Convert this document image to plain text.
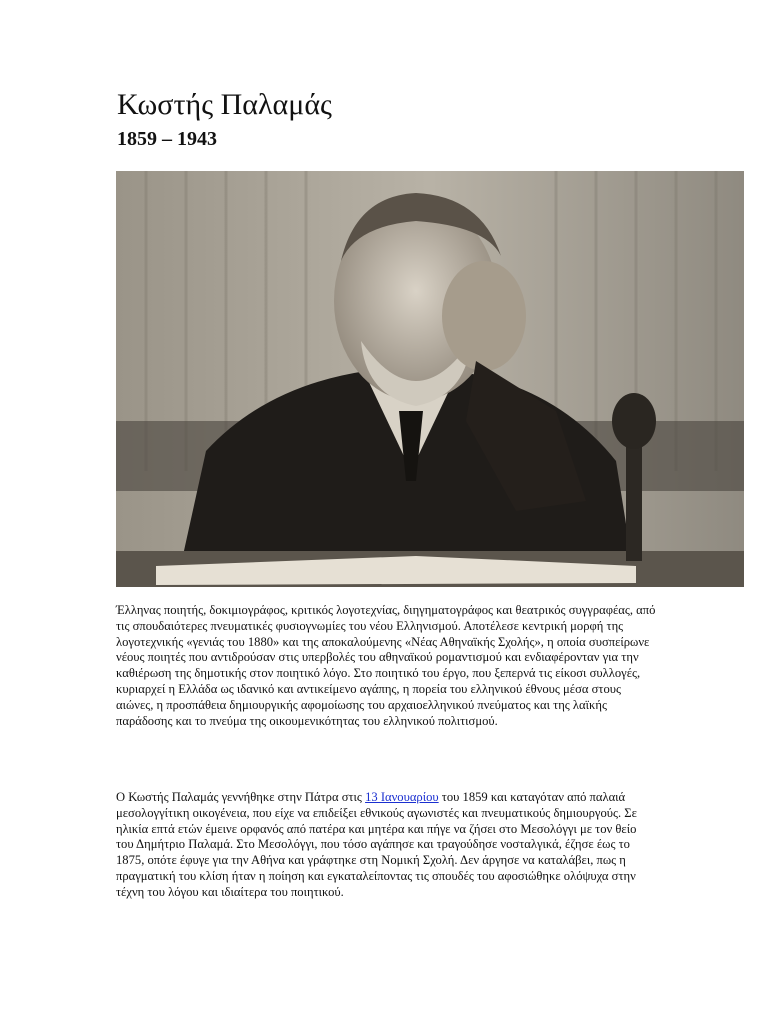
Κωστής Παλαμάς
1859 – 1943

Έλληνας ποιητής, δοκιμιογράφος, κριτικός λογοτεχνίας, διηγηματογράφος και θεατρικός συγγραφέας, από τις σπουδαιότερες πνευματικές φυσιογνωμίες του νέου Ελληνισμού. Αποτέλεσε κεντρική μορφή της λογοτεχνικής «γενιάς του 1880» και της αποκαλούμενης «Νέας Αθηναϊκής Σχολής», η οποία συσπείρωνε νέους ποιητές που αντιδρούσαν στις υπερβολές του αθηναϊκού ρομαντισμού και ενδιαφέρονταν για την καθιέρωση της δημοτικής στον ποιητικό λόγο. Στο ποιητικό του έργο, που ξεπερνά τις είκοσι συλλογές, κυριαρχεί η Ελλάδα ως ιδανικό και αντικείμενο αγάπης, η πορεία του ελληνικού έθνους μέσα στους αιώνες, η προσπάθεια δημιουργικής αφομοίωσης του αρχαιοελληνικού πνεύματος και της λαϊκής παράδοσης και το πνεύμα της οικουμενικότητας του ελληνικού πολιτισμού.

Ο Κωστής Παλαμάς γεννήθηκε στην Πάτρα στις 13 Ιανουαρίου του 1859 και καταγόταν από παλαιά μεσολογγίτικη οικογένεια, που είχε να επιδείξει εθνικούς αγωνιστές και πνευματικούς δημιουργούς. Σε ηλικία επτά ετών έμεινε ορφανός από πατέρα και μητέρα και πήγε να ζήσει στο Μεσολόγγι με τον θείο του Δημήτριο Παλαμά. Στο Μεσολόγγι, που τόσο αγάπησε και τραγούδησε νοσταλγικά, έζησε έως το 1875, οπότε έφυγε για την Αθήνα και γράφτηκε στη Νομική Σχολή. Δεν άργησε να καταλάβει, πως η πραγματική του κλίση ήταν η ποίηση και εγκαταλείποντας τις σπουδές του αφοσιώθηκε ολόψυχα στην τέχνη του λόγου και ιδιαίτερα του ποιητικού.
